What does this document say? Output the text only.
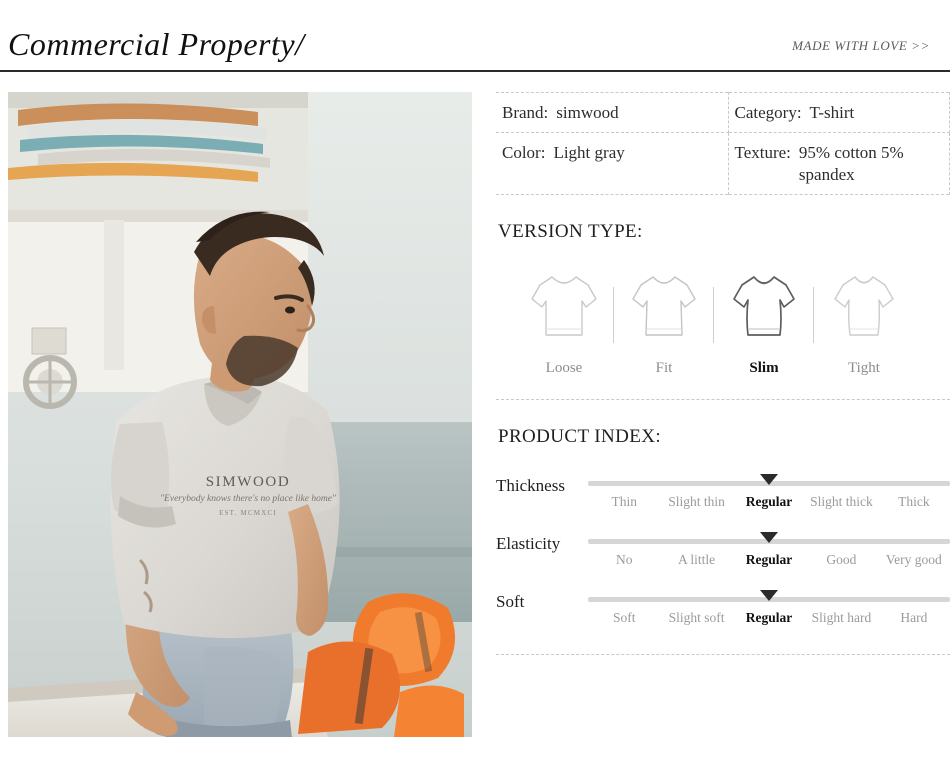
Commercial Property/	MADE WITH LOVE >>
SIMWOOD
"Everybody knows there's no place like home"
EST. MCMXCI
Brand: simwood	Category: T-shirt

Color: Light gray	Texture: 95% cotton 5% spandex
VERSION TYPE:
Loose	Fit	Slim	Tight
PRODUCT INDEX:
Thickness
Thin	Slight thin	Regular	Slight thick	Thick
Elasticity
No	A little	Regular	Good	Very good
Soft
Soft	Slight soft	Regular	Slight hard	Hard
